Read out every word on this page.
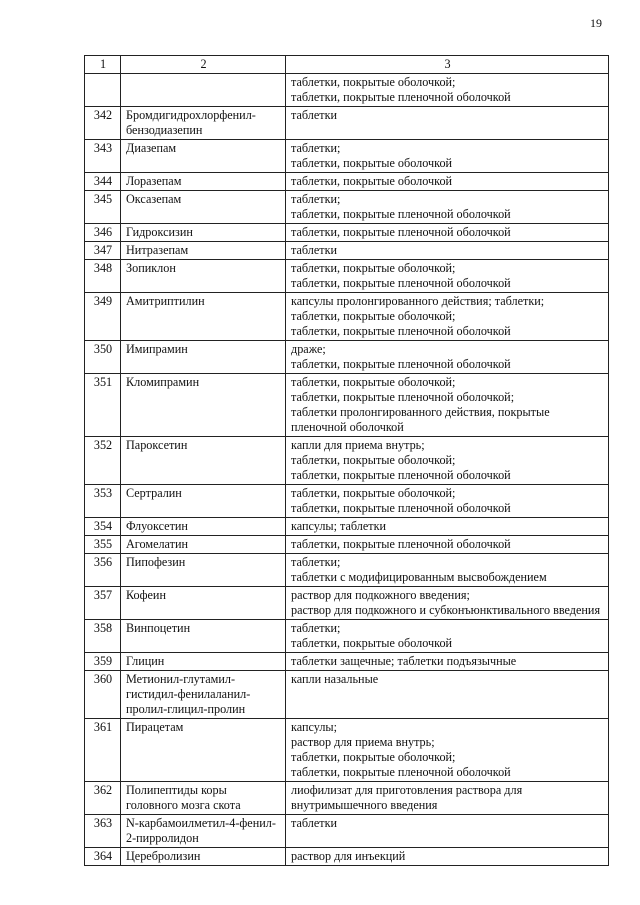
19
1	2	3

		таблетки, покрытые оболочкой;
таблетки, покрытые пленочной оболочкой

342	Бромдигидрохлорфенил-бензодиазепин	таблетки

343	Диазепам	таблетки;
таблетки, покрытые оболочкой

344	Лоразепам	таблетки, покрытые оболочкой

345	Оксазепам	таблетки;
таблетки, покрытые пленочной оболочкой

346	Гидроксизин	таблетки, покрытые пленочной оболочкой

347	Нитразепам	таблетки

348	Зопиклон	таблетки, покрытые оболочкой;
таблетки, покрытые пленочной оболочкой

349	Амитриптилин	капсулы пролонгированного действия; таблетки;
таблетки, покрытые оболочкой;
таблетки, покрытые пленочной оболочкой

350	Имипрамин	драже;
таблетки, покрытые пленочной оболочкой

351	Кломипрамин	таблетки, покрытые оболочкой;
таблетки, покрытые пленочной оболочкой;
таблетки пролонгированного действия, покрытые пленочной оболочкой

352	Пароксетин	капли для приема внутрь;
таблетки, покрытые оболочкой;
таблетки, покрытые пленочной оболочкой

353	Сертралин	таблетки, покрытые оболочкой;
таблетки, покрытые пленочной оболочкой

354	Флуоксетин	капсулы; таблетки

355	Агомелатин	таблетки, покрытые пленочной оболочкой

356	Пипофезин	таблетки;
таблетки с модифицированным высвобождением

357	Кофеин	раствор для подкожного введения;
раствор для подкожного и субконъюнктивального введения

358	Винпоцетин	таблетки;
таблетки, покрытые оболочкой

359	Глицин	таблетки защечные; таблетки подъязычные

360	Метионил-глутамил-гистидил-фенилаланил-пролил-глицил-пролин	капли назальные

361	Пирацетам	капсулы;
раствор для приема внутрь;
таблетки, покрытые оболочкой;
таблетки, покрытые пленочной оболочкой

362	Полипептиды коры головного мозга скота	лиофилизат для приготовления раствора для внутримышечного введения

363	N-карбамоилметил-4-фенил- 2-пирролидон	таблетки

364	Церебролизин	раствор для инъекций
